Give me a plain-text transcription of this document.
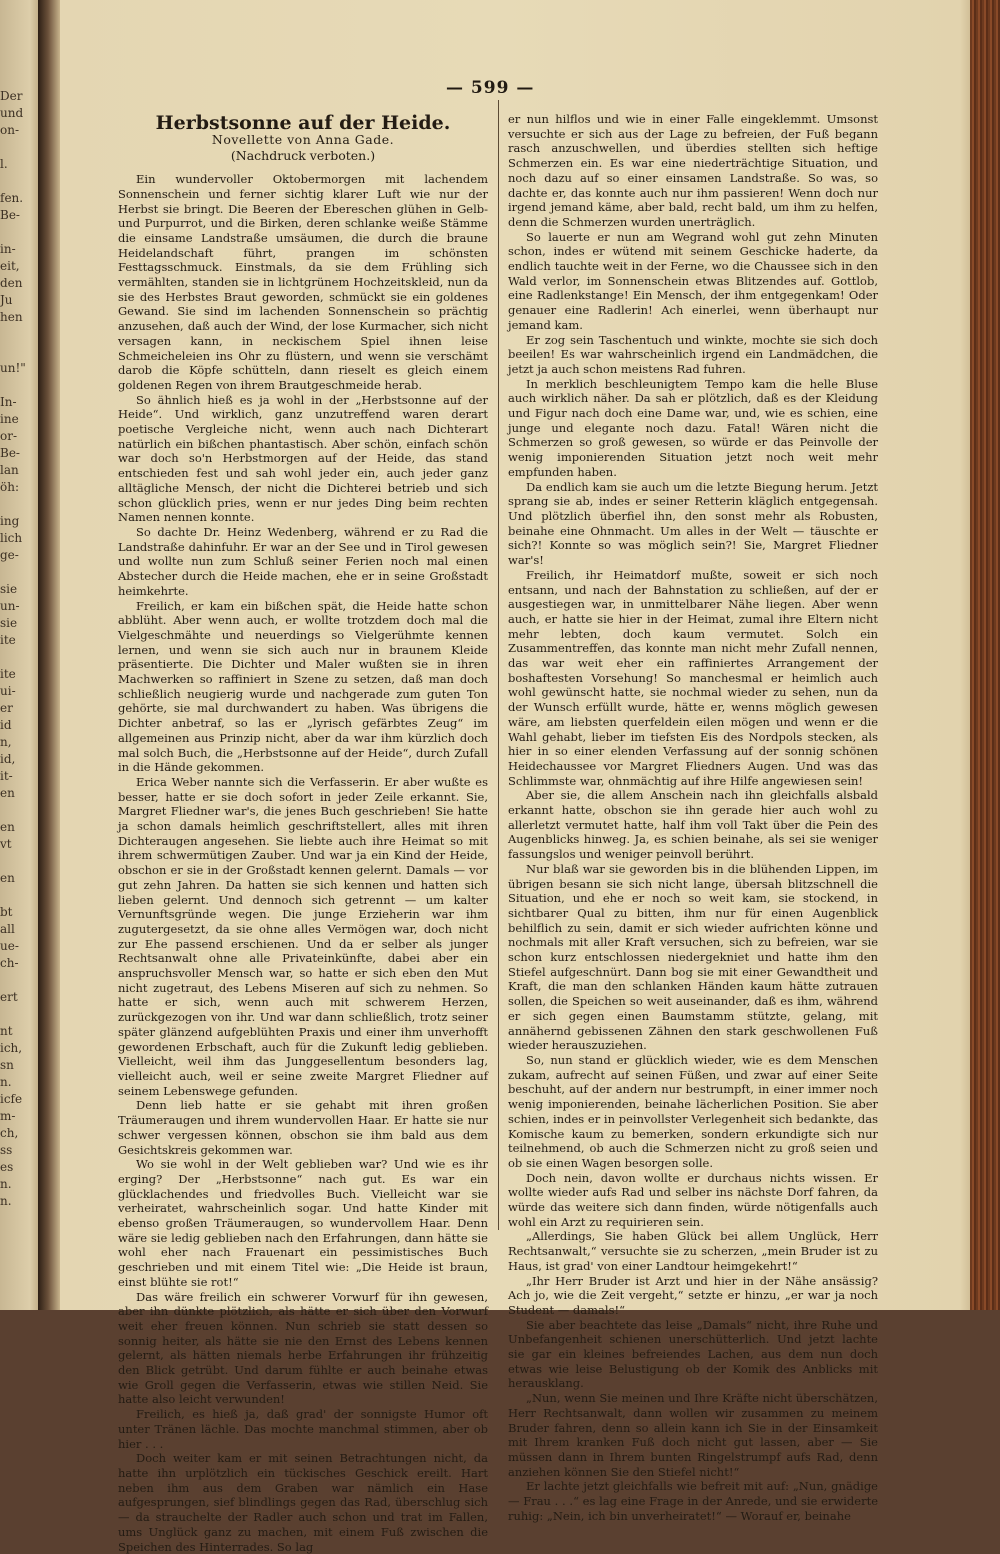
Der
und
on-

l.

fen.
Be-

in-
eit,
den
Ju
hen

un!"

In-
ine
or-
Be-
lan
öh:

ing
lich
ge-

sie
un-
sie
ite

ite
ui-
er
id
n,
id,
it-
en

en
vt

en

bt
all
ue-
ch-

ert

nt
ich,
sn
n.
icfe
m-
ch,
ss
es
n.
n.
— 599 —
Herbstsonne auf der Heide.
Novellette von Anna Gade.
(Nachdruck verboten.)

Ein wundervoller Oktobermorgen mit lachendem Sonnenschein und ferner sichtig klarer Luft wie nur der Herbst sie bringt. Die Beeren der Ebereschen glühen in Gelb- und Purpurrot, und die Birken, deren schlanke weiße Stämme die einsame Landstraße umsäumen, die durch die braune Heidelandschaft führt, prangen im schönsten Festtagsschmuck. Einstmals, da sie dem Frühling sich vermählten, standen sie in lichtgrünem Hochzeitskleid, nun da sie des Herbstes Braut geworden, schmückt sie ein goldenes Gewand. Sie sind im lachenden Sonnenschein so prächtig anzusehen, daß auch der Wind, der lose Kurmacher, sich nicht versagen kann, in neckischem Spiel ihnen leise Schmeicheleien ins Ohr zu flüstern, und wenn sie verschämt darob die Köpfe schütteln, dann rieselt es gleich einem goldenen Regen von ihrem Brautgeschmeide herab.

So ähnlich hieß es ja wohl in der „Herbstsonne auf der Heide“. Und wirklich, ganz unzutreffend waren derart poetische Vergleiche nicht, wenn auch nach Dichterart natürlich ein bißchen phantastisch. Aber schön, einfach schön war doch so'n Herbstmorgen auf der Heide, das stand entschieden fest und sah wohl jeder ein, auch jeder ganz alltägliche Mensch, der nicht die Dichterei betrieb und sich schon glücklich pries, wenn er nur jedes Ding beim rechten Namen nennen konnte.

So dachte Dr. Heinz Wedenberg, während er zu Rad die Landstraße dahinfuhr. Er war an der See und in Tirol gewesen und wollte nun zum Schluß seiner Ferien noch mal einen Abstecher durch die Heide machen, ehe er in seine Großstadt heimkehrte.

Freilich, er kam ein bißchen spät, die Heide hatte schon abblüht. Aber wenn auch, er wollte trotzdem doch mal die Vielgeschmähte und neuerdings so Vielgerühmte kennen lernen, und wenn sie sich auch nur in braunem Kleide präsentierte. Die Dichter und Maler wußten sie in ihren Machwerken so raffiniert in Szene zu setzen, daß man doch schließlich neugierig wurde und nachgerade zum guten Ton gehörte, sie mal durchwandert zu haben. Was übrigens die Dichter anbetraf, so las er „lyrisch gefärbtes Zeug“ im allgemeinen aus Prinzip nicht, aber da war ihm kürzlich doch mal solch Buch, die „Herbstsonne auf der Heide“, durch Zufall in die Hände gekommen.

Erica Weber nannte sich die Verfasserin. Er aber wußte es besser, hatte er sie doch sofort in jeder Zeile erkannt. Sie, Margret Fliedner war's, die jenes Buch geschrieben! Sie hatte ja schon damals heimlich geschriftstellert, alles mit ihren Dichteraugen angesehen. Sie liebte auch ihre Heimat so mit ihrem schwermütigen Zauber. Und war ja ein Kind der Heide, obschon er sie in der Großstadt kennen gelernt. Damals — vor gut zehn Jahren. Da hatten sie sich kennen und hatten sich lieben gelernt. Und dennoch sich getrennt — um kalter Vernunftsgründe wegen. Die junge Erzieherin war ihm zugutergesetzt, da sie ohne alles Vermögen war, doch nicht zur Ehe passend erschienen. Und da er selber als junger Rechtsanwalt ohne alle Privateinkünfte, dabei aber ein anspruchsvoller Mensch war, so hatte er sich eben den Mut nicht zugetraut, des Lebens Miseren auf sich zu nehmen. So hatte er sich, wenn auch mit schwerem Herzen, zurückgezogen von ihr. Und war dann schließlich, trotz seiner später glänzend aufgeblühten Praxis und einer ihm unverhofft gewordenen Erbschaft, auch für die Zukunft ledig geblieben. Vielleicht, weil ihm das Junggesellentum besonders lag, vielleicht auch, weil er seine zweite Margret Fliedner auf seinem Lebenswege gefunden.

Denn lieb hatte er sie gehabt mit ihren großen Träumeraugen und ihrem wundervollen Haar. Er hatte sie nur schwer vergessen können, obschon sie ihm bald aus dem Gesichtskreis gekommen war.

Wo sie wohl in der Welt geblieben war? Und wie es ihr erging? Der „Herbstsonne“ nach gut. Es war ein glücklachendes und friedvolles Buch. Vielleicht war sie verheiratet, wahrscheinlich sogar. Und hatte Kinder mit ebenso großen Träumeraugen, so wundervollem Haar. Denn wäre sie ledig geblieben nach den Erfahrungen, dann hätte sie wohl eher nach Frauenart ein pessimistisches Buch geschrieben und mit einem Titel wie: „Die Heide ist braun, einst blühte sie rot!“

Das wäre freilich ein schwerer Vorwurf für ihn gewesen, aber ihn dünkte plötzlich, als hätte er sich über den Vorwurf weit eher freuen können. Nun schrieb sie statt dessen so sonnig heiter, als hätte sie nie den Ernst des Lebens kennen gelernt, als hätten niemals herbe Erfahrungen ihr frühzeitig den Blick getrübt. Und darum fühlte er auch beinahe etwas wie Groll gegen die Verfasserin, etwas wie stillen Neid. Sie hatte also leicht verwunden!

Freilich, es hieß ja, daß grad' der sonnigste Humor oft unter Tränen lächle. Das mochte manchmal stimmen, aber ob hier . . .

Doch weiter kam er mit seinen Betrachtungen nicht, da hatte ihn urplötzlich ein tückisches Geschick ereilt. Hart neben ihm aus dem Graben war nämlich ein Hase aufgesprungen, sief blindlings gegen das Rad, überschlug sich — da strauchelte der Radler auch schon und trat im Fallen, ums Unglück ganz zu machen, mit einem Fuß zwischen die Speichen des Hinterrades. So lag

er nun hilflos und wie in einer Falle eingeklemmt. Umsonst versuchte er sich aus der Lage zu befreien, der Fuß begann rasch anzuschwellen, und überdies stellten sich heftige Schmerzen ein. Es war eine niederträchtige Situation, und noch dazu auf so einer einsamen Landstraße. So was, so dachte er, das konnte auch nur ihm passieren! Wenn doch nur irgend jemand käme, aber bald, recht bald, um ihm zu helfen, denn die Schmerzen wurden unerträglich.

So lauerte er nun am Wegrand wohl gut zehn Minuten schon, indes er wütend mit seinem Geschicke haderte, da endlich tauchte weit in der Ferne, wo die Chaussee sich in den Wald verlor, im Sonnenschein etwas Blitzendes auf. Gottlob, eine Radlenkstange! Ein Mensch, der ihm entgegenkam! Oder genauer eine Radlerin! Ach einerlei, wenn überhaupt nur jemand kam.

Er zog sein Taschentuch und winkte, mochte sie sich doch beeilen! Es war wahrscheinlich irgend ein Landmädchen, die jetzt ja auch schon meistens Rad fuhren.

In merklich beschleunigtem Tempo kam die helle Bluse auch wirklich näher. Da sah er plötzlich, daß es der Kleidung und Figur nach doch eine Dame war, und, wie es schien, eine junge und elegante noch dazu. Fatal! Wären nicht die Schmerzen so groß gewesen, so würde er das Peinvolle der wenig imponierenden Situation jetzt noch weit mehr empfunden haben.

Da endlich kam sie auch um die letzte Biegung herum. Jetzt sprang sie ab, indes er seiner Retterin kläglich entgegensah. Und plötzlich überfiel ihn, den sonst mehr als Robusten, beinahe eine Ohnmacht. Um alles in der Welt — täuschte er sich?! Konnte so was möglich sein?! Sie, Margret Fliedner war's!

Freilich, ihr Heimatdorf mußte, soweit er sich noch entsann, und nach der Bahnstation zu schließen, auf der er ausgestiegen war, in unmittelbarer Nähe liegen. Aber wenn auch, er hatte sie hier in der Heimat, zumal ihre Eltern nicht mehr lebten, doch kaum vermutet. Solch ein Zusammentreffen, das konnte man nicht mehr Zufall nennen, das war weit eher ein raffiniertes Arrangement der boshaftesten Vorsehung! So manchesmal er heimlich auch wohl gewünscht hatte, sie nochmal wieder zu sehen, nun da der Wunsch erfüllt wurde, hätte er, wenns möglich gewesen wäre, am liebsten querfeldein eilen mögen und wenn er die Wahl gehabt, lieber im tiefsten Eis des Nordpols stecken, als hier in so einer elenden Verfassung auf der sonnig schönen Heidechaussee vor Margret Fliedners Augen. Und was das Schlimmste war, ohnmächtig auf ihre Hilfe angewiesen sein!

Aber sie, die allem Anschein nach ihn gleichfalls alsbald erkannt hatte, obschon sie ihn gerade hier auch wohl zu allerletzt vermutet hatte, half ihm voll Takt über die Pein des Augenblicks hinweg. Ja, es schien beinahe, als sei sie weniger fassungslos und weniger peinvoll berührt.

Nur blaß war sie geworden bis in die blühenden Lippen, im übrigen besann sie sich nicht lange, übersah blitzschnell die Situation, und ehe er noch so weit kam, sie stockend, in sichtbarer Qual zu bitten, ihm nur für einen Augenblick behilflich zu sein, damit er sich wieder aufrichten könne und nochmals mit aller Kraft versuchen, sich zu befreien, war sie schon kurz entschlossen niedergekniet und hatte ihm den Stiefel aufgeschnürt. Dann bog sie mit einer Gewandtheit und Kraft, die man den schlanken Händen kaum hätte zutrauen sollen, die Speichen so weit auseinander, daß es ihm, während er sich gegen einen Baumstamm stützte, gelang, mit annähernd gebissenen Zähnen den stark geschwollenen Fuß wieder herauszuziehen.

So, nun stand er glücklich wieder, wie es dem Menschen zukam, aufrecht auf seinen Füßen, und zwar auf einer Seite beschuht, auf der andern nur bestrumpft, in einer immer noch wenig imponierenden, beinahe lächerlichen Position. Sie aber schien, indes er in peinvollster Verlegenheit sich bedankte, das Komische kaum zu bemerken, sondern erkundigte sich nur teilnehmend, ob auch die Schmerzen nicht zu groß seien und ob sie einen Wagen besorgen solle.

Doch nein, davon wollte er durchaus nichts wissen. Er wollte wieder aufs Rad und selber ins nächste Dorf fahren, da würde das weitere sich dann finden, würde nötigenfalls auch wohl ein Arzt zu requirieren sein.

„Allerdings, Sie haben Glück bei allem Unglück, Herr Rechtsanwalt,“ versuchte sie zu scherzen, „mein Bruder ist zu Haus, ist grad' von einer Landtour heimgekehrt!“

„Ihr Herr Bruder ist Arzt und hier in der Nähe ansässig? Ach jo, wie die Zeit vergeht,“ setzte er hinzu, „er war ja noch Student — damals!“

Sie aber beachtete das leise „Damals“ nicht, ihre Ruhe und Unbefangenheit schienen unerschütterlich. Und jetzt lachte sie gar ein kleines befreiendes Lachen, aus dem nun doch etwas wie leise Belustigung ob der Komik des Anblicks mit herausklang.

„Nun, wenn Sie meinen und Ihre Kräfte nicht überschätzen, Herr Rechtsanwalt, dann wollen wir zusammen zu meinem Bruder fahren, denn so allein kann ich Sie in der Einsamkeit mit Ihrem kranken Fuß doch nicht gut lassen, aber — Sie müssen dann in Ihrem bunten Ringelstrumpf aufs Rad, denn anziehen können Sie den Stiefel nicht!“

Er lachte jetzt gleichfalls wie befreit mit auf: „Nun, gnädige — Frau . . .“ es lag eine Frage in der Anrede, und sie erwiderte ruhig: „Nein, ich bin unverheiratet!“ — Worauf er, beinahe
